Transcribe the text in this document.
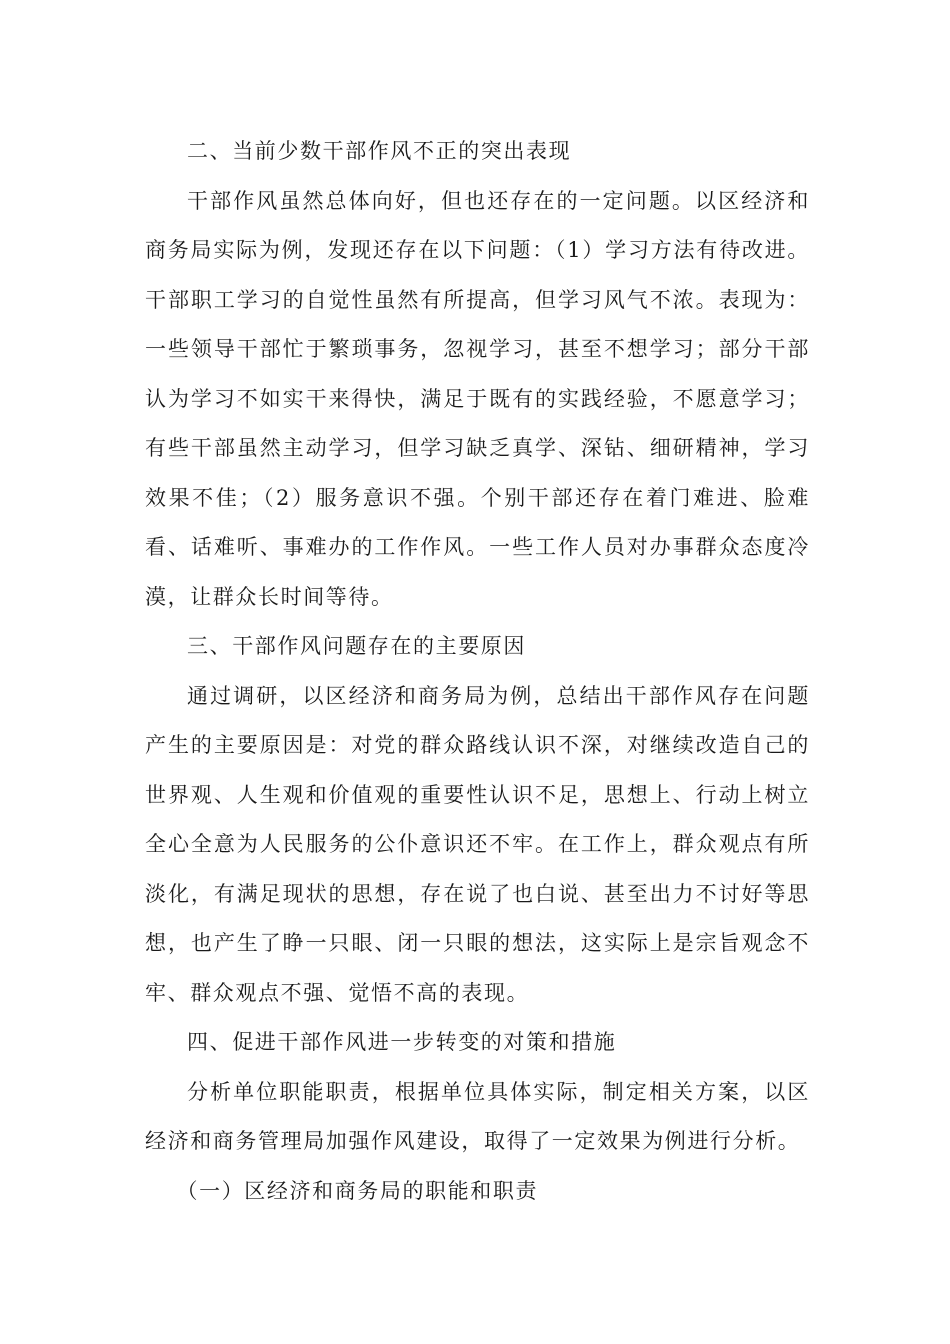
二、当前少数干部作风不正的突出表现

干部作风虽然总体向好，但也还存在的一定问题。以区经济和商务局实际为例，发现还存在以下问题：（1）学习方法有待改进。干部职工学习的自觉性虽然有所提高，但学习风气不浓。表现为：一些领导干部忙于繁琐事务，忽视学习，甚至不想学习；部分干部认为学习不如实干来得快，满足于既有的实践经验，不愿意学习；有些干部虽然主动学习，但学习缺乏真学、深钻、细研精神，学习效果不佳；（2）服务意识不强。个别干部还存在着门难进、脸难看、话难听、事难办的工作作风。一些工作人员对办事群众态度冷漠，让群众长时间等待。

三、干部作风问题存在的主要原因

通过调研，以区经济和商务局为例，总结出干部作风存在问题产生的主要原因是：对党的群众路线认识不深，对继续改造自己的世界观、人生观和价值观的重要性认识不足，思想上、行动上树立全心全意为人民服务的公仆意识还不牢。在工作上，群众观点有所淡化，有满足现状的思想，存在说了也白说、甚至出力不讨好等思想，也产生了睁一只眼、闭一只眼的想法，这实际上是宗旨观念不牢、群众观点不强、觉悟不高的表现。

四、促进干部作风进一步转变的对策和措施

分析单位职能职责，根据单位具体实际，制定相关方案，以区经济和商务管理局加强作风建设，取得了一定效果为例进行分析。

（一）区经济和商务局的职能和职责
